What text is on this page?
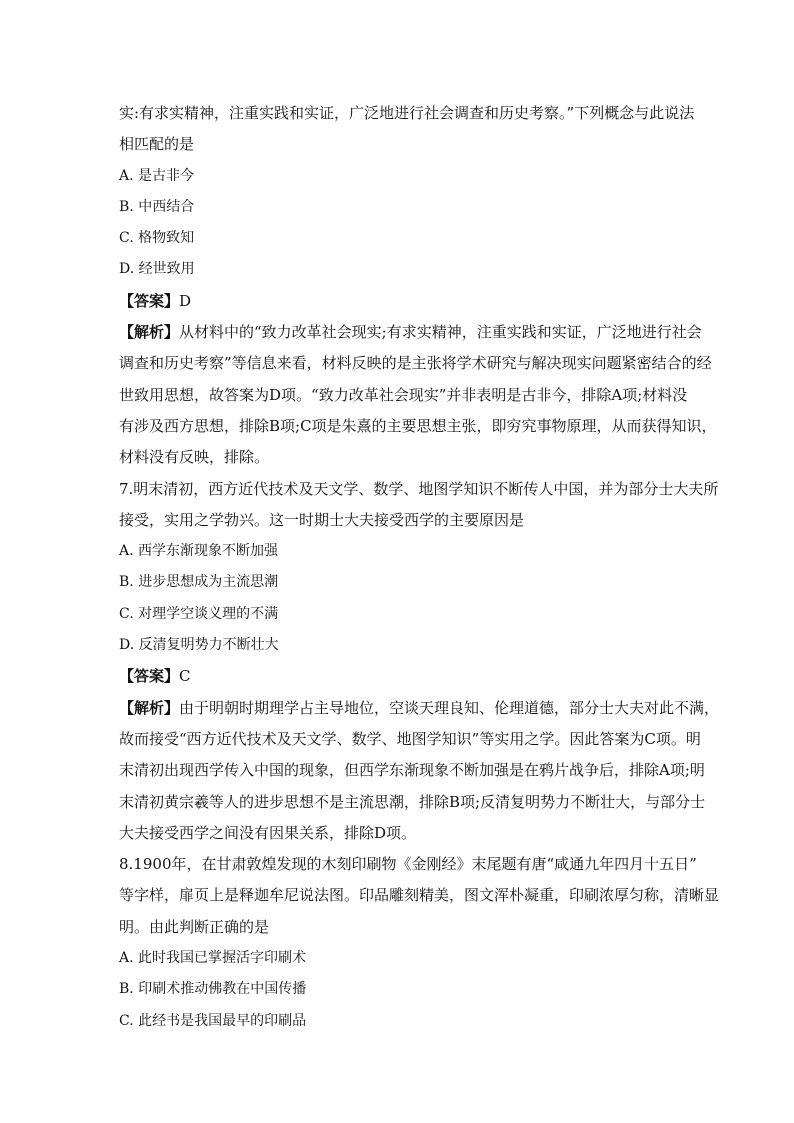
实:有求实精神，注重实践和实证，广泛地进行社会调查和历史考察。”下列概念与此说法
相匹配的是
A. 是古非今
B. 中西结合
C. 格物致知
D. 经世致用
【答案】D
【解析】从材料中的“致力改革社会现实;有求实精神，注重实践和实证，广泛地进行社会
调查和历史考察”等信息来看，材料反映的是主张将学术研究与解决现实问题紧密结合的经
世致用思想，故答案为D项。“致力改革社会现实”并非表明是古非今，排除A项;材料没
有涉及西方思想，排除B项;C项是朱熹的主要思想主张，即穷究事物原理，从而获得知识，
材料没有反映，排除。
7.明末清初，西方近代技术及天文学、数学、地图学知识不断传人中国，并为部分士大夫所
接受，实用之学勃兴。这一时期士大夫接受西学的主要原因是
A. 西学东渐现象不断加强
B. 进步思想成为主流思潮
C. 对理学空谈义理的不满
D. 反清复明势力不断壮大
【答案】C
【解析】由于明朝时期理学占主导地位，空谈天理良知、伦理道德，部分士大夫对此不满，
故而接受“西方近代技术及天文学、数学、地图学知识”等实用之学。因此答案为C项。明
末清初出现西学传入中国的现象，但西学东渐现象不断加强是在鸦片战争后，排除A项;明
末清初黄宗羲等人的进步思想不是主流思潮，排除B项;反清复明势力不断壮大，与部分士
大夫接受西学之间没有因果关系，排除D项。
8.1900年，在甘肃敦煌发现的木刻印刷物《金刚经》末尾题有唐“咸通九年四月十五日”
等字样，扉页上是释迦牟尼说法图。印品雕刻精美，图文浑朴凝重，印刷浓厚匀称，清晰显
明。由此判断正确的是
A. 此时我国已掌握活字印刷术
B. 印刷术推动佛教在中国传播
C. 此经书是我国最早的印刷品
